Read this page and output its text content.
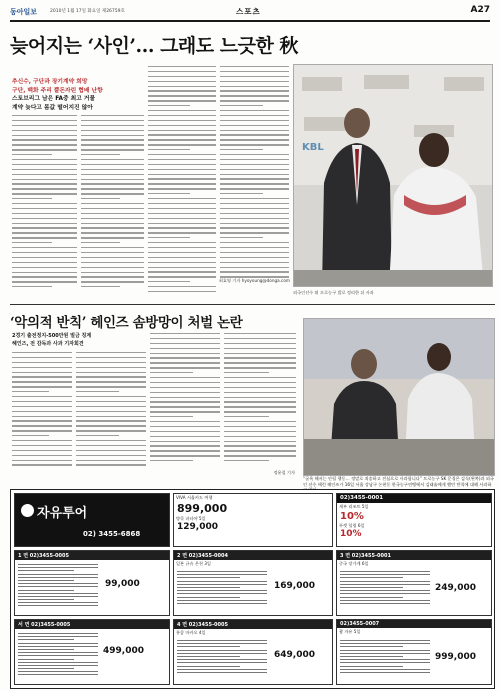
동아일보	2010년 1월 17일 화요일 제26759호	스포츠	A27
늦어지는 ‘사인’… 그래도 느긋한 秋
추신수, 구단과 장기계약 희망
구단, 백화 주리 뿔돈자린 협배 난항
스토브리그 남은 FA중 최고 거물
계약 늦다고 몸값 떨어지진 않아
KBL
외국인선수 뛰 프로농구 발로 정리한 뒤 사과
최효영 기자 hyoyoung@donga.com
‘악의적 반칙’ 헤인즈 솜방망이 처벌 논란
2경기 출전정지-500만원 벌금 징계
헤인즈, 전 감독과 사과 기자회견
“굴욕 해서는 안될 행동… 정말로 죄송하고 진심으로 사과합니다” 프로농구 SK 문경은 감독(왼쪽)과 외국인 선수 애런 헤인즈가 16일 서울 강남구 논현동 한국농구연맹에서 김태술에게 했던 반칙에 대해 사과하
정윤철 기자
자유투어
02) 3455-6868
VIVA 서울카드 여행
899,000
방콕 파타야 5일
129,000
02)3455-0001
세부 리조트 5일
10%
푸켓 힐링 6일
10%
1 면 02)3455-0005
99,000
2 면 02)3455-0004
일본 규슈 온천 3일
169,000
3 면 02)3455-0001
중국 장가계 6일
249,000
서 면 02)3455-0005
499,000
4 면 02)3455-0005
홍콩 마카오 4일
649,000
02)3455-0007
괌 자유 5일
999,000
